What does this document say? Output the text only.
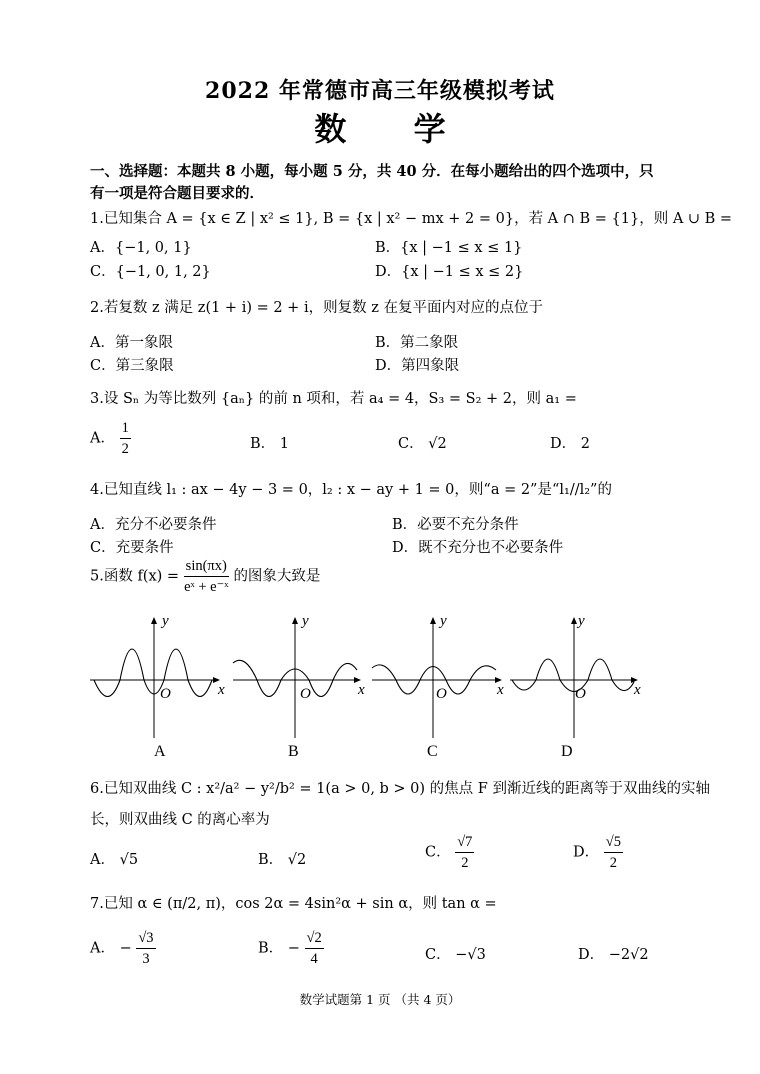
2022 年常德市高三年级模拟考试
数 学
一、选择题：本题共 8 小题，每小题 5 分，共 40 分．在每小题给出的四个选项中，只
有一项是符合题目要求的．
1.已知集合 A = {x ∈ Z | x² ≤ 1}, B = {x | x² − mx + 2 = 0}，若 A ∩ B = {1}，则 A ∪ B =
A．{−1, 0, 1}	B．{x | −1 ≤ x ≤ 1}
C．{−1, 0, 1, 2}	D．{x | −1 ≤ x ≤ 2}
2.若复数 z 满足 z(1 + i) = 2 + i，则复数 z 在复平面内对应的点位于
A．第一象限	B．第二象限
C．第三象限	D．第四象限
3.设 Sₙ 为等比数列 {aₙ} 的前 n 项和，若 a₄ = 4，S₃ = S₂ + 2，则 a₁ =
A． $\frac{1}{2}$	B． 1	C． √2	D． 2
4.已知直线 l₁ : ax − 4y − 3 = 0，l₂ : x − ay + 1 = 0，则“a = 2”是“l₁//l₂”的
A．充分不必要条件	B．必要不充分条件
C．充要条件	D．既不充分也不必要条件
5.函数 $f(x) = \frac{\sin(\pi x)}{\text{eˣ + e⁻ˣ}}$ 的图象大致是
y
x
O
y
x
O
y
x
O
y
x
O
A	B	C	D
6.已知双曲线 C : x²/a² − y²/b² = 1(a > 0, b > 0) 的焦点 F 到渐近线的距离等于双曲线的实轴
长，则双曲线 C 的离心率为
A． √5	B． √2	C． $\frac{√7}{2}$	D． $\frac{√5}{2}$
7.已知 α ∈ (π/2, π)，cos 2α = 4sin²α + sin α，则 tan α =
A． − $\frac{√3}{3}$	B． − $\frac{√2}{4}$	C． −√3	D． −2√2
数学试题第 1 页 （共 4 页）
